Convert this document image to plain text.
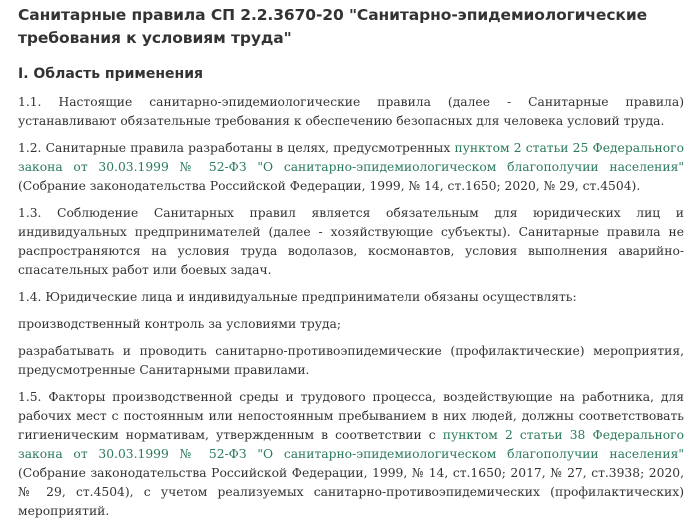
Санитарные правила СП 2.2.3670-20 "Санитарно-эпидемиологические требования к условиям труда"
I. Область применения

1.1. Настоящие санитарно-эпидемиологические правила (далее - Санитарные правила) устанавливают обязательные требования к обеспечению безопасных для человека условий труда.

1.2. Санитарные правила разработаны в целях, предусмотренных пунктом 2 статьи 25 Федерального закона от 30.03.1999 № 52-ФЗ "О санитарно-эпидемиологическом благополучии населения" (Собрание законодательства Российской Федерации, 1999, № 14, ст.1650; 2020, № 29, ст.4504).

1.3. Соблюдение Санитарных правил является обязательным для юридических лиц и индивидуальных предпринимателей (далее - хозяйствующие субъекты). Санитарные правила не распространяются на условия труда водолазов, космонавтов, условия выполнения аварийно-спасательных работ или боевых задач.

1.4. Юридические лица и индивидуальные предприниматели обязаны осуществлять:

производственный контроль за условиями труда;

разрабатывать и проводить санитарно-противоэпидемические (профилактические) мероприятия, предусмотренные Санитарными правилами.

1.5. Факторы производственной среды и трудового процесса, воздействующие на работника, для рабочих мест с постоянным или непостоянным пребыванием в них людей, должны соответствовать гигиеническим нормативам, утвержденным в соответствии с пунктом 2 статьи 38 Федерального закона от 30.03.1999 № 52-ФЗ "О санитарно-эпидемиологическом благополучии населения" (Собрание законодательства Российской Федерации, 1999, № 14, ст.1650; 2017, № 27, ст.3938; 2020, № 29, ст.4504), с учетом реализуемых санитарно-противоэпидемических (профилактических) мероприятий.
